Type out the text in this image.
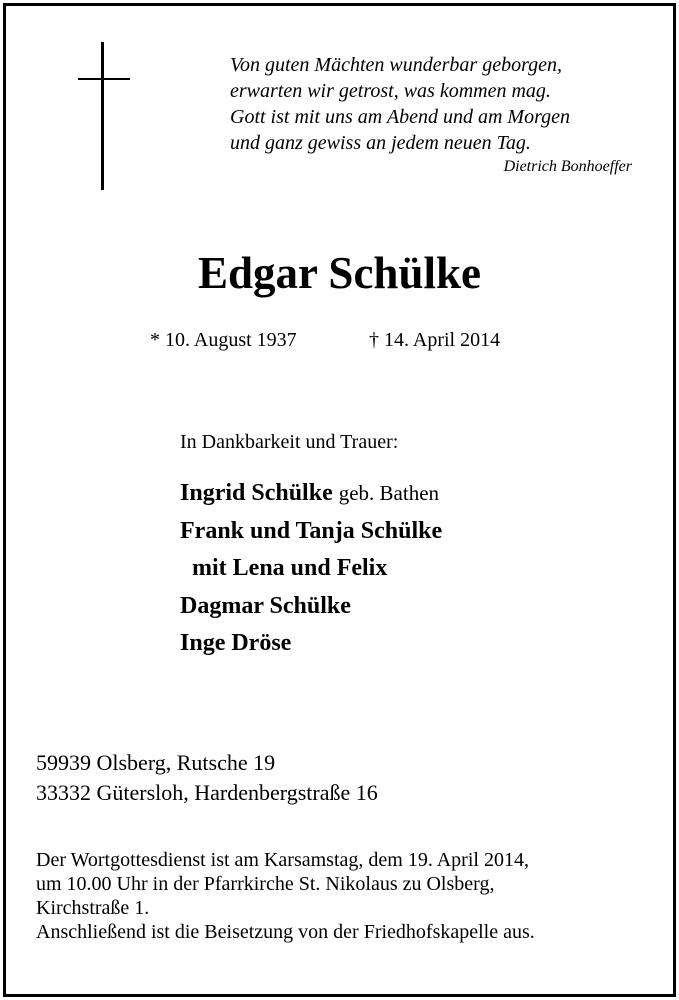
Von guten Mächten wunderbar geborgen,
erwarten wir getrost, was kommen mag.
Gott ist mit uns am Abend und am Morgen
und ganz gewiss an jedem neuen Tag.
Dietrich Bonhoeffer
Edgar Schülke
* 10. August 1937	† 14. April 2014
In Dankbarkeit und Trauer:
Ingrid Schülke geb. Bathen
Frank und Tanja Schülke
mit Lena und Felix
Dagmar Schülke
Inge Dröse
59939 Olsberg, Rutsche 19
33332 Gütersloh, Hardenbergstraße 16
Der Wortgottesdienst ist am Karsamstag, dem 19. April 2014,
um 10.00 Uhr in der Pfarrkirche St. Nikolaus zu Olsberg,
Kirchstraße 1.
Anschließend ist die Beisetzung von der Friedhofskapelle aus.
